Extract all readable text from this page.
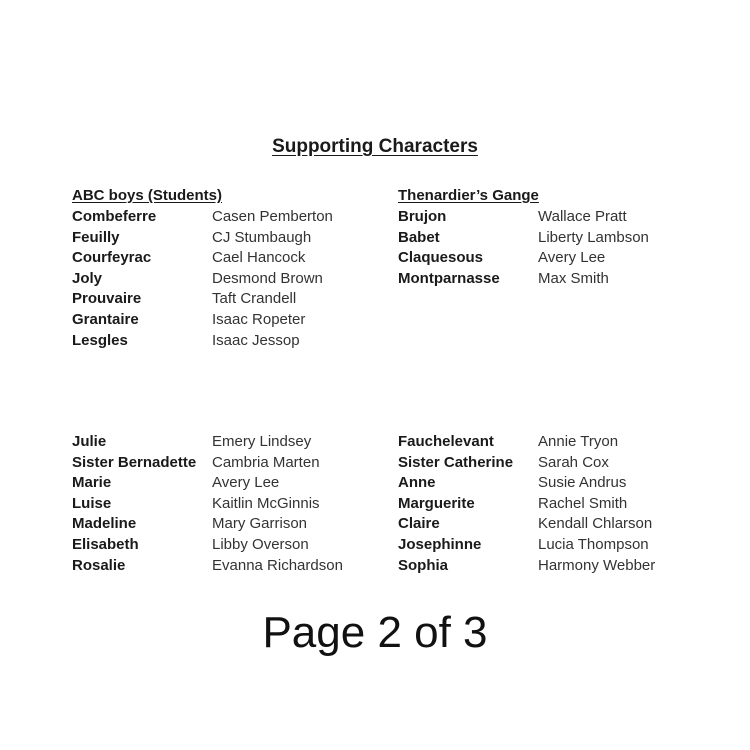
Supporting Characters
ABC boys (Students)
Combeferre	Casen Pemberton
Feuilly	CJ Stumbaugh
Courfeyrac	Cael Hancock
Joly	Desmond Brown
Prouvaire	Taft Crandell
Grantaire	Isaac Ropeter
Lesgles	Isaac Jessop
Thenardier’s Gange
Brujon	Wallace Pratt
Babet	Liberty Lambson
Claquesous	Avery Lee
Montparnasse	Max Smith
Julie	Emery Lindsey
Sister Bernadette	Cambria Marten
Marie	Avery Lee
Luise	Kaitlin McGinnis
Madeline	Mary Garrison
Elisabeth	Libby Overson
Rosalie	Evanna Richardson
Fauchelevant	Annie Tryon
Sister Catherine	Sarah Cox
Anne	Susie Andrus
Marguerite	Rachel Smith
Claire	Kendall Chlarson
Josephinne	Lucia Thompson
Sophia	Harmony Webber
Page 2 of 3
